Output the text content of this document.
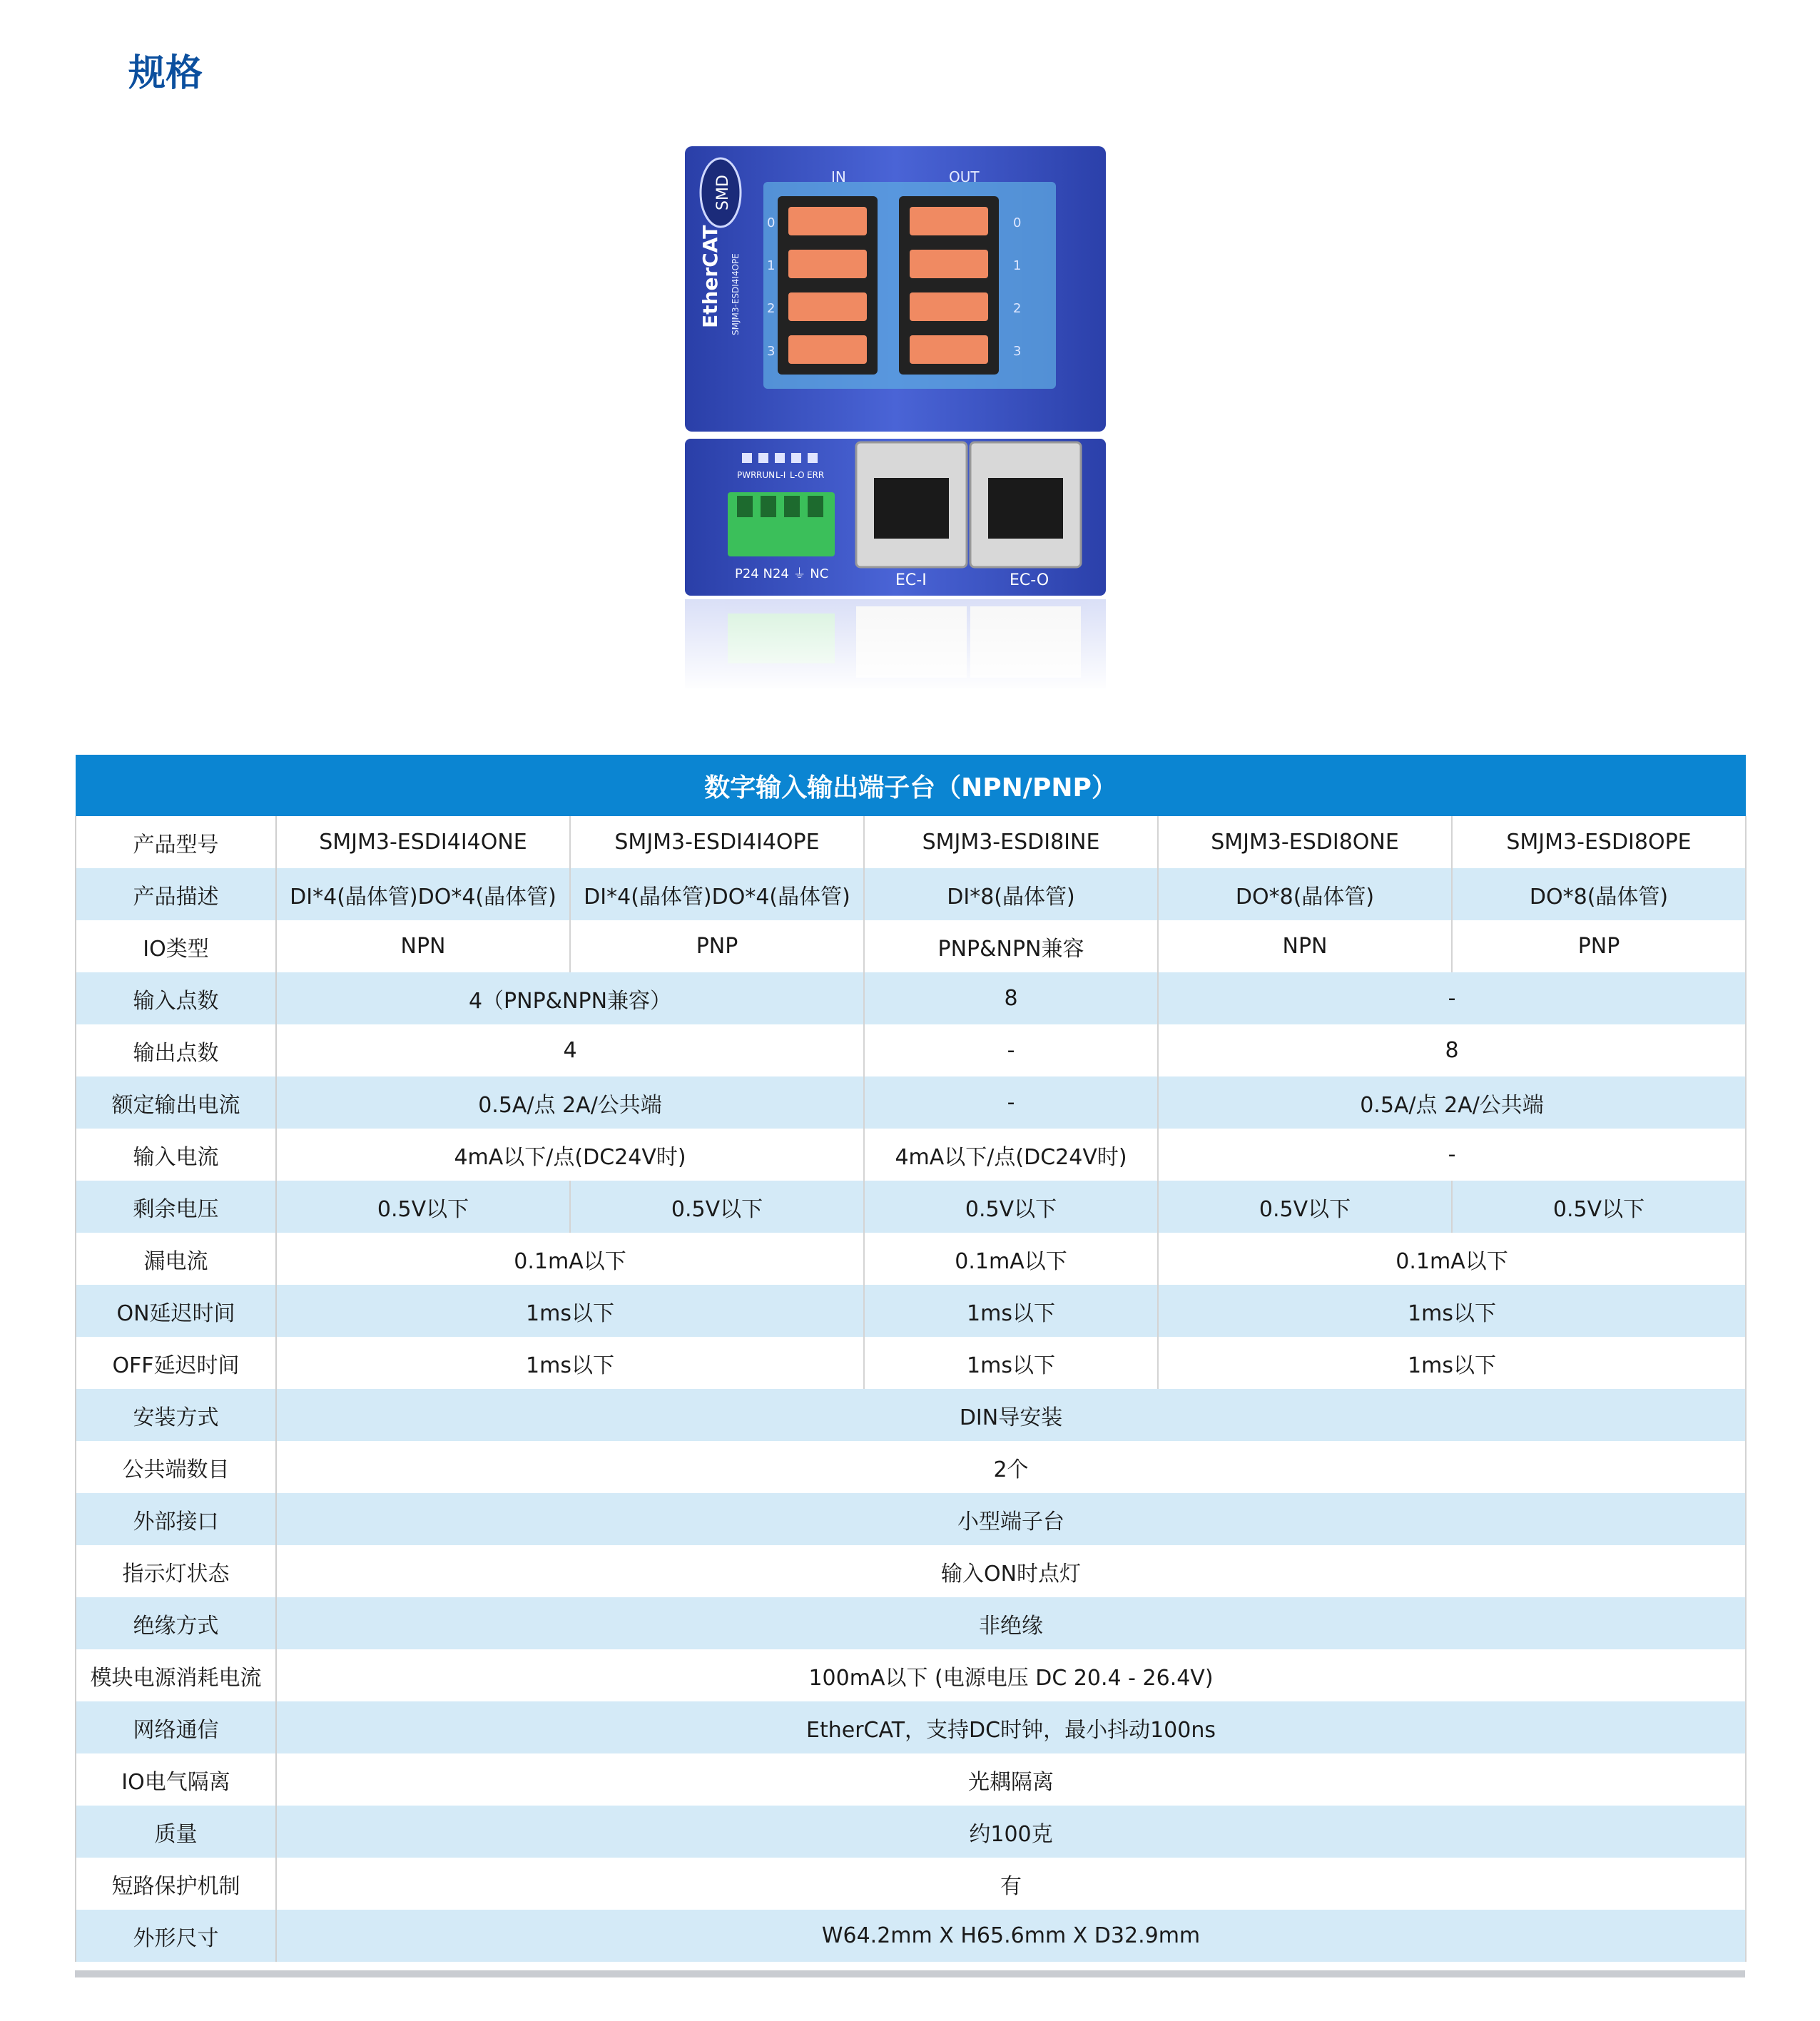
规格
SMD
EtherCAT SMJM3-ESDI4I4OPE
IN	OUT
0
1
2
3
0
1
2
3
PWR RUN L-I L-O ERR
P24 N24 ⏚ NC	EC-I	EC-O
数字输入输出端子台（NPN/PNP）					
产品型号	SMJM3-ESDI4I4ONE	SMJM3-ESDI4I4OPE	SMJM3-ESDI8INE	SMJM3-ESDI8ONE	SMJM3-ESDI8OPE
产品描述	DI*4(晶体管)DO*4(晶体管)	DI*4(晶体管)DO*4(晶体管)	DI*8(晶体管)	DO*8(晶体管)	DO*8(晶体管)
IO类型	NPN	PNP	PNP&NPN兼容	NPN	PNP
输入点数	4（PNP&NPN兼容）		8	-	
输出点数	4		-	8	
额定输出电流	0.5A/点 2A/公共端		-	0.5A/点 2A/公共端	
输入电流	4mA以下/点(DC24V时)		4mA以下/点(DC24V时)	-	
剩余电压	0.5V以下	0.5V以下	0.5V以下	0.5V以下	0.5V以下
漏电流	0.1mA以下		0.1mA以下	0.1mA以下	
ON延迟时间	1ms以下		1ms以下	1ms以下	
OFF延迟时间	1ms以下		1ms以下	1ms以下	
安装方式	DIN导安装				
公共端数目	2个				
外部接口	小型端子台				
指示灯状态	输入ON时点灯				
绝缘方式	非绝缘				
模块电源消耗电流	100mA以下 (电源电压 DC 20.4 - 26.4V)				
网络通信	EtherCAT，支持DC时钟，最小抖动100ns				
IO电气隔离	光耦隔离				
质量	约100克				
短路保护机制	有				
外形尺寸	W64.2mm X H65.6mm X D32.9mm				
